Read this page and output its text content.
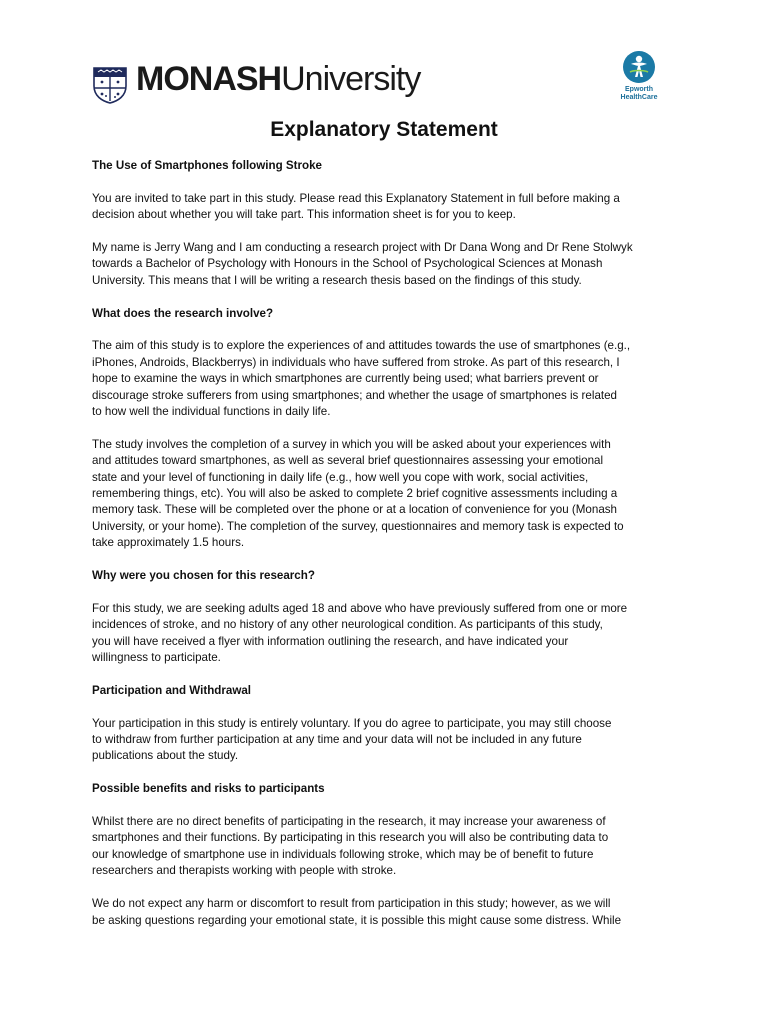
MONASHUniversity	Epworth
HealthCare
Explanatory Statement

The Use of Smartphones following Stroke

You are invited to take part in this study. Please read this Explanatory Statement in full before making a
decision about whether you will take part. This information sheet is for you to keep.

My name is Jerry Wang and I am conducting a research project with Dr Dana Wong and Dr Rene Stolwyk
towards a Bachelor of Psychology with Honours in the School of Psychological Sciences at Monash
University. This means that I will be writing a research thesis based on the findings of this study.

What does the research involve?

The aim of this study is to explore the experiences of and attitudes towards the use of smartphones (e.g.,
iPhones, Androids, Blackberrys) in individuals who have suffered from stroke. As part of this research, I
hope to examine the ways in which smartphones are currently being used; what barriers prevent or
discourage stroke sufferers from using smartphones; and whether the usage of smartphones is related
to how well the individual functions in daily life.

The study involves the completion of a survey in which you will be asked about your experiences with
and attitudes toward smartphones, as well as several brief questionnaires assessing your emotional
state and your level of functioning in daily life (e.g., how well you cope with work, social activities,
remembering things, etc). You will also be asked to complete 2 brief cognitive assessments including a
memory task. These will be completed over the phone or at a location of convenience for you (Monash
University, or your home). The completion of the survey, questionnaires and memory task is expected to
take approximately 1.5 hours.

Why were you chosen for this research?

For this study, we are seeking adults aged 18 and above who have previously suffered from one or more
incidences of stroke, and no history of any other neurological condition. As participants of this study,
you will have received a flyer with information outlining the research, and have indicated your
willingness to participate.

Participation and Withdrawal

Your participation in this study is entirely voluntary. If you do agree to participate, you may still choose
to withdraw from further participation at any time and your data will not be included in any future
publications about the study.

Possible benefits and risks to participants

Whilst there are no direct benefits of participating in the research, it may increase your awareness of
smartphones and their functions. By participating in this research you will also be contributing data to
our knowledge of smartphone use in individuals following stroke, which may be of benefit to future
researchers and therapists working with people with stroke.

We do not expect any harm or discomfort to result from participation in this study; however, as we will
be asking questions regarding your emotional state, it is possible this might cause some distress. While
